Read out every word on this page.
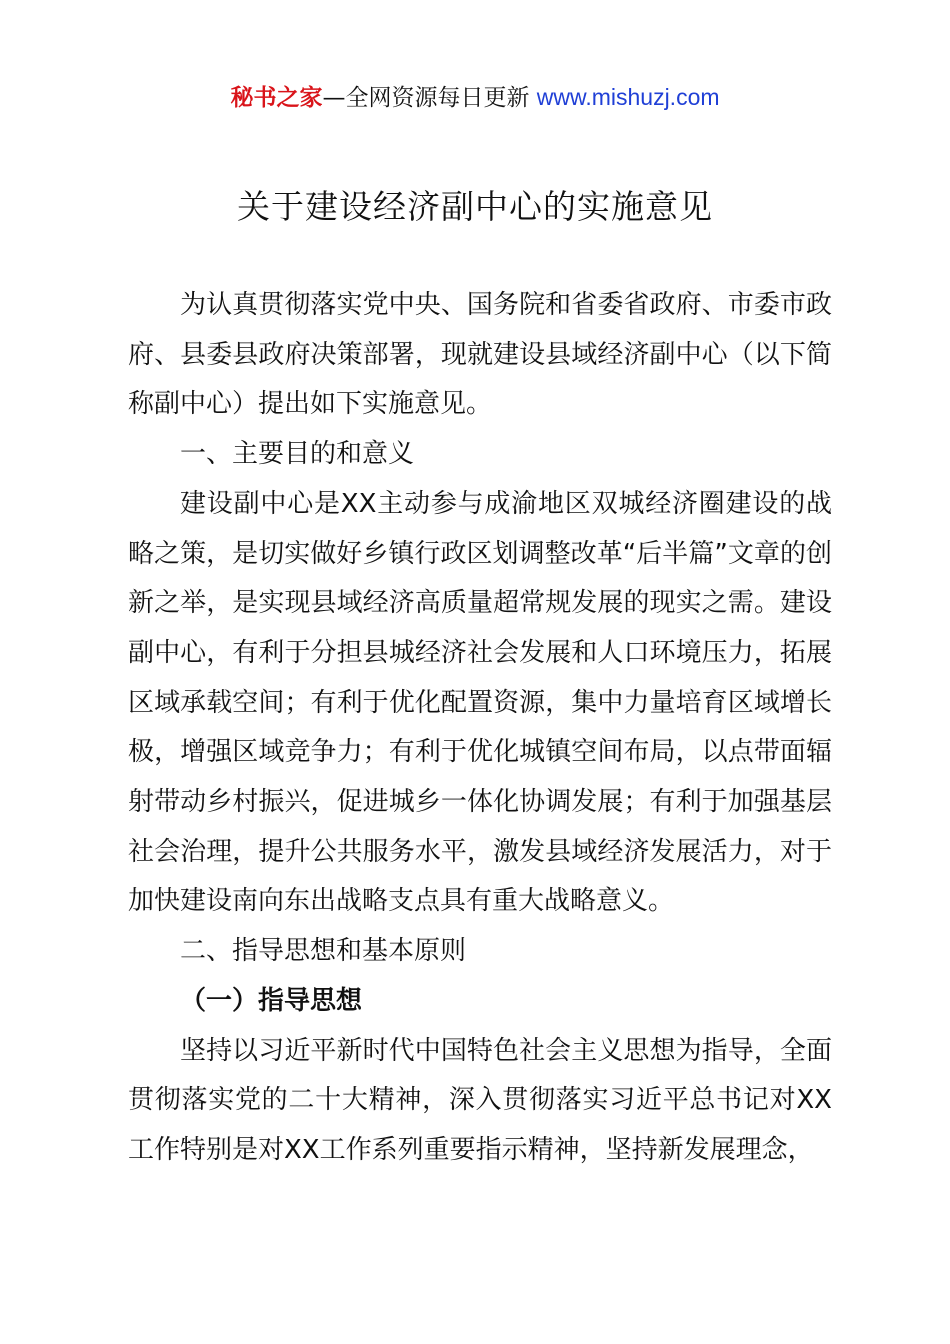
秘书之家—全网资源每日更新 www.mishuzj.com
关于建设经济副中心的实施意见

为认真贯彻落实党中央、国务院和省委省政府、市委市政府、县委县政府决策部署，现就建设县域经济副中心（以下简称副中心）提出如下实施意见。

一、主要目的和意义

建设副中心是XX主动参与成渝地区双城经济圈建设的战略之策，是切实做好乡镇行政区划调整改革“后半篇”文章的创新之举，是实现县域经济高质量超常规发展的现实之需。建设副中心，有利于分担县城经济社会发展和人口环境压力，拓展区域承载空间；有利于优化配置资源，集中力量培育区域增长极，增强区域竞争力；有利于优化城镇空间布局，以点带面辐射带动乡村振兴，促进城乡一体化协调发展；有利于加强基层社会治理，提升公共服务水平，激发县域经济发展活力，对于加快建设南向东出战略支点具有重大战略意义。

二、指导思想和基本原则

（一）指导思想

坚持以习近平新时代中国特色社会主义思想为指导，全面贯彻落实党的二十大精神，深入贯彻落实习近平总书记对XX工作特别是对XX工作系列重要指示精神，坚持新发展理念，
